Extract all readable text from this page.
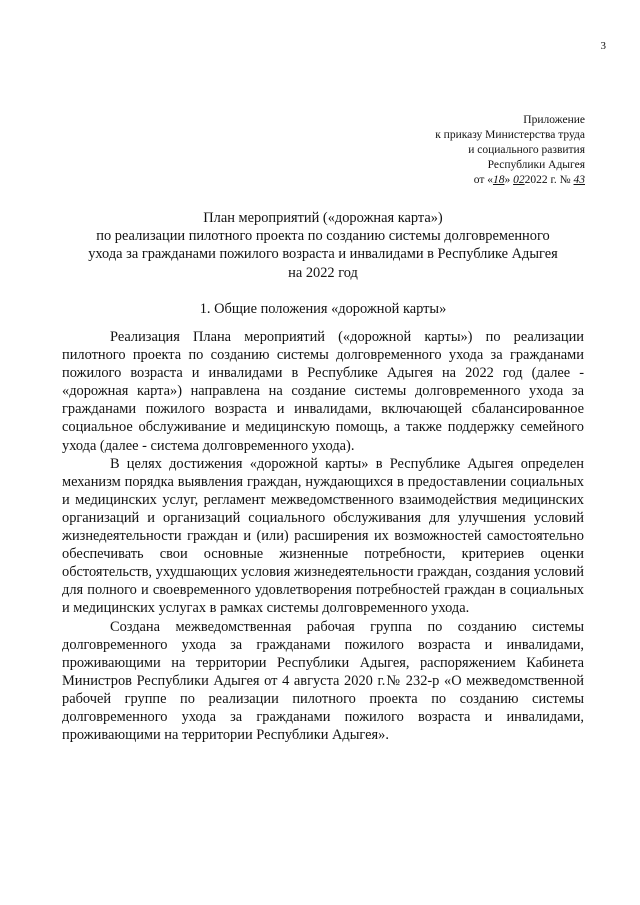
3
Приложение
к приказу Министерства труда
и социального развития
Республики Адыгея
от «18» 022022 г. № 43
План мероприятий («дорожная карта»)
по реализации пилотного проекта по созданию системы долговременного
ухода за гражданами пожилого возраста и инвалидами в Республике Адыгея
на 2022 год
1. Общие положения «дорожной карты»

Реализация Плана мероприятий («дорожной карты») по реализации пилотного проекта по созданию системы долговременного ухода за гражданами пожилого возраста и инвалидами в Республике Адыгея на 2022 год (далее - «дорожная карта») направлена на создание системы долговременного ухода за гражданами пожилого возраста и инвалидами, включающей сбалансированное социальное обслуживание и медицинскую помощь, а также поддержку семейного ухода (далее - система долговременного ухода).

В целях достижения «дорожной карты» в Республике Адыгея определен механизм порядка выявления граждан, нуждающихся в предоставлении социальных и медицинских услуг, регламент межведомственного взаимодействия медицинских организаций и организаций социального обслуживания для улучшения условий жизнедеятельности граждан и (или) расширения их возможностей самостоятельно обеспечивать свои основные жизненные потребности, критериев оценки обстоятельств, ухудшающих условия жизнедеятельности граждан, создания условий для полного и своевременного удовлетворения потребностей граждан в социальных и медицинских услугах в рамках системы долговременного ухода.

Создана межведомственная рабочая группа по созданию системы долговременного ухода за гражданами пожилого возраста и инвалидами, проживающими на территории Республики Адыгея, распоряжением Кабинета Министров Республики Адыгея от 4 августа 2020 г.№ 232-р «О межведомственной рабочей группе по реализации пилотного проекта по созданию системы долговременного ухода за гражданами пожилого возраста и инвалидами, проживающими на территории Республики Адыгея».
